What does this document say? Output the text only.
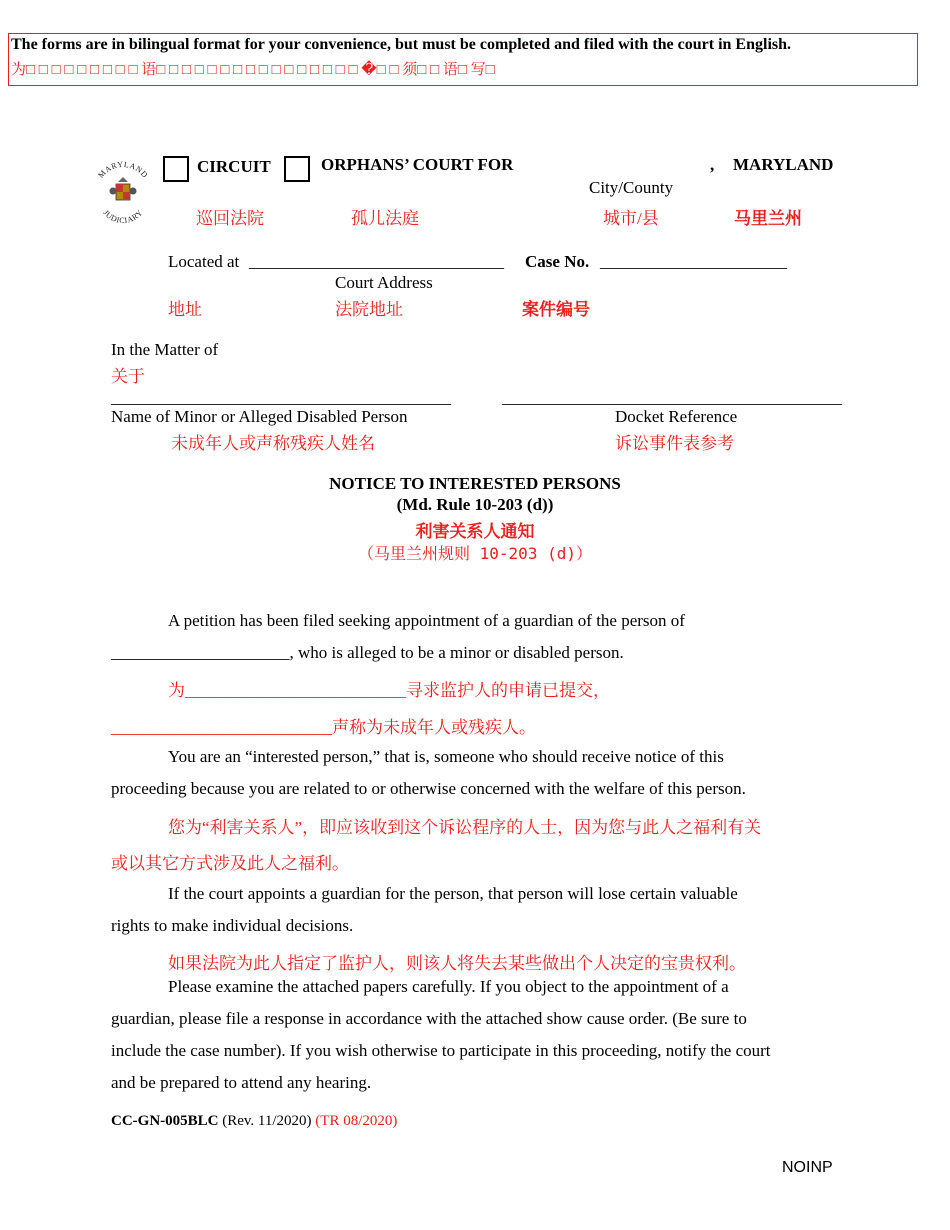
The forms are in bilingual format for your convenience, but must be completed and filed with the court in English.
为□ □ □ □ □ □ □ □ □ 语□ □ □ □ □ □ □ □ □ □ □ □ □ □ □ □ �□ □ 须□ □ 语□ 写□
MARYLAND
JUDICIARY
CIRCUIT	ORPHANS’ COURT FOR	, MARYLAND
City/County
巡回法院	孤儿法庭	城市/县	马里兰州
Located at ______________________________ Case No. ______________________
Court Address
地址	法院地址	案件编号
In the Matter of
关于
________________________________________	________________________________________
Name of Minor or Alleged Disabled Person	Docket Reference
未成年人或声称残疾人姓名	诉讼事件表参考
NOTICE TO INTERESTED PERSONS
(Md. Rule 10-203 (d))
利害关系人通知
（马里兰州规则 10-203 (d)）
A petition has been filed seeking appointment of a guardian of the person of
_____________________, who is alleged to be a minor or disabled person.
为__________________________寻求监护人的申请已提交，
__________________________声称为未成年人或残疾人。
You are an “interested person,” that is, someone who should receive notice of this
proceeding because you are related to or otherwise concerned with the welfare of this person.
您为“利害关系人”，即应该收到这个诉讼程序的人士，因为您与此人之福利有关
或以其它方式涉及此人之福利。
If the court appoints a guardian for the person, that person will lose certain valuable
rights to make individual decisions.
如果法院为此人指定了监护人，则该人将失去某些做出个人决定的宝贵权利。
Please examine the attached papers carefully. If you object to the appointment of a
guardian, please file a response in accordance with the attached show cause order. (Be sure to
include the case number). If you wish otherwise to participate in this proceeding, notify the court
and be prepared to attend any hearing.
CC-GN-005BLC (Rev. 11/2020) (TR 08/2020)
NOINP
